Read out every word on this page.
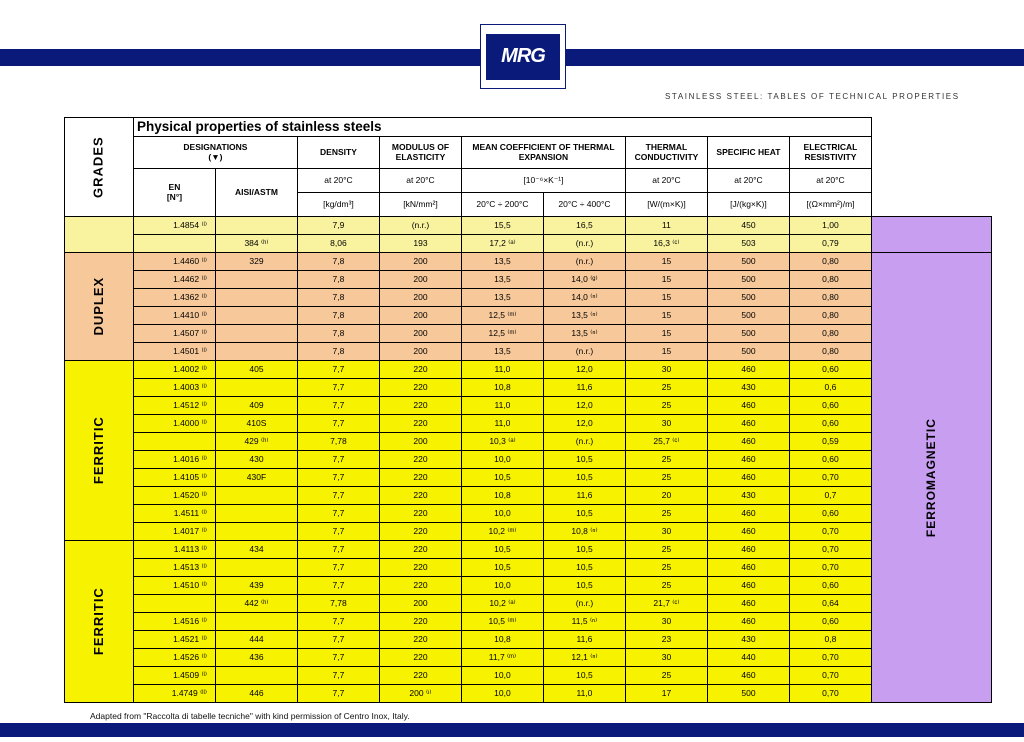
MRG
STAINLESS STEEL: TABLES OF TECHNICAL PROPERTIES
GRADES	Physical properties of stainless steels									
	DESIGNATIONS
(▼)		DENSITY	MODULUS OF ELASTICITY	MEAN COEFFICIENT OF THERMAL EXPANSION		THERMAL CONDUCTIVITY	SPECIFIC HEAT	ELECTRICAL RESISTIVITY	
	EN
[N°]	AISI/ASTM	at 20°C	at 20°C	[10⁻⁶×K⁻¹]		at 20°C	at 20°C	at 20°C	
			[kg/dm³]	[kN/mm²]	20°C ÷ 200°C	20°C ÷ 400°C	[W/(m×K)]	[J/(kg×K)]	[(Ω×mm²)/m]	
	1.4854 ⁽ˡ⁾		7,9	(n.r.)	15,5	16,5	11	450	1,00	
		384 ⁽ʰ⁾	8,06	193	17,2 ⁽ᵃ⁾	(n.r.)	16,3 ⁽ᶜ⁾	503	0,79	
DUPLEX	1.4460 ⁽ˡ⁾	329	7,8	200	13,5	(n.r.)	15	500	0,80	FERROMAGNETIC
	1.4462 ⁽ˡ⁾		7,8	200	13,5	14,0 ⁽ᵍ⁾	15	500	0,80	
	1.4362 ⁽ˡ⁾		7,8	200	13,5	14,0 ⁽ⁿ⁾	15	500	0,80	
	1.4410 ⁽ˡ⁾		7,8	200	12,5 ⁽ᵐ⁾	13,5 ⁽ⁿ⁾	15	500	0,80	
	1.4507 ⁽ˡ⁾		7,8	200	12,5 ⁽ᵐ⁾	13,5 ⁽ⁿ⁾	15	500	0,80	
	1.4501 ⁽ˡ⁾		7,8	200	13,5	(n.r.)	15	500	0,80	
FERRITIC	1.4002 ⁽ˡ⁾	405	7,7	220	11,0	12,0	30	460	0,60	
	1.4003 ⁽ˡ⁾		7,7	220	10,8	11,6	25	430	0,6	
	1.4512 ⁽ˡ⁾	409	7,7	220	11,0	12,0	25	460	0,60	
	1.4000 ⁽ˡ⁾	410S	7,7	220	11,0	12,0	30	460	0,60	
		429 ⁽ʰ⁾	7,78	200	10,3 ⁽ᵃ⁾	(n.r.)	25,7 ⁽ᶜ⁾	460	0,59	
	1.4016 ⁽ˡ⁾	430	7,7	220	10,0	10,5	25	460	0,60	
	1.4105 ⁽ˡ⁾	430F	7,7	220	10,5	10,5	25	460	0,70	
	1.4520 ⁽ˡ⁾		7,7	220	10,8	11,6	20	430	0,7	
	1.4511 ⁽ˡ⁾		7,7	220	10,0	10,5	25	460	0,60	
	1.4017 ⁽ˡ⁾		7,7	220	10,2 ⁽ᵐ⁾	10,8 ⁽ⁿ⁾	30	460	0,70	
FERRITIC	1.4113 ⁽ˡ⁾	434	7,7	220	10,5	10,5	25	460	0,70	
	1.4513 ⁽ˡ⁾		7,7	220	10,5	10,5	25	460	0,70	
	1.4510 ⁽ˡ⁾	439	7,7	220	10,0	10,5	25	460	0,60	
		442 ⁽ʰ⁾	7,78	200	10,2 ⁽ᵃ⁾	(n.r.)	21,7 ⁽ᶜ⁾	460	0,64	
	1.4516 ⁽ˡ⁾		7,7	220	10,5 ⁽ᵐ⁾	11,5 ⁽ⁿ⁾	30	460	0,60	
	1.4521 ⁽ˡ⁾	444	7,7	220	10,8	11,6	23	430	0,8	
	1.4526 ⁽ˡ⁾	436	7,7	220	11,7 ⁽ᵐ⁾	12,1 ⁽ⁿ⁾	30	440	0,70	
	1.4509 ⁽ˡ⁾		7,7	220	10,0	10,5	25	460	0,70	
	1.4749 ⁽ˡˡ⁾	446	7,7	200 ⁽ᶦ⁾	10,0	11,0	17	500	0,70	
Adapted from "Raccolta di tabelle tecniche" with kind permission of Centro Inox, Italy.
